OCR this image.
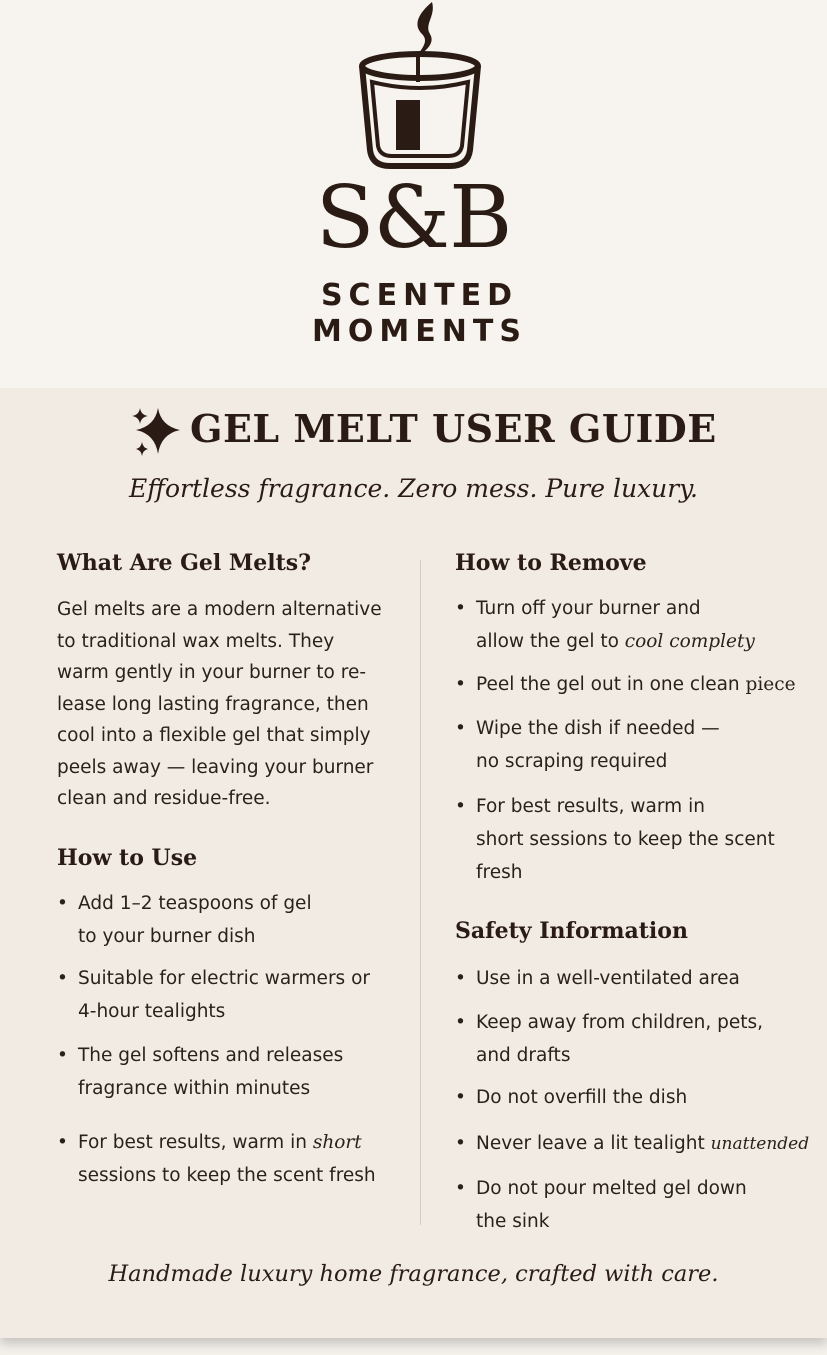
S&B
SCENTED
MOMENTS
GEL MELT USER GUIDE
Effortless fragrance. Zero mess. Pure luxury.
What Are Gel Melts?
Gel melts are a modern alternative
to traditional wax melts. They
warm gently in your burner to re-
lease long lasting fragrance, then
cool into a flexible gel that simply
peels away — leaving your burner
clean and residue-free.
How to Use
• Add 1–2 teaspoons of gel
to your burner dish
• Suitable for electric warmers or
4-hour tealights
• The gel softens and releases
fragrance within minutes
• For best results, warm in short
sessions to keep the scent fresh
How to Remove
• Turn off your burner and
allow the gel to cool complety
• Peel the gel out in one clean piece
• Wipe the dish if needed —
no scraping required
• For best results, warm in
short sessions to keep the scent
fresh
Safety Information
• Use in a well-ventilated area
• Keep away from children, pets,
and drafts
• Do not overfill the dish
• Never leave a lit tealight unattended
• Do not pour melted gel down
the sink
Handmade luxury home fragrance, crafted with care.
